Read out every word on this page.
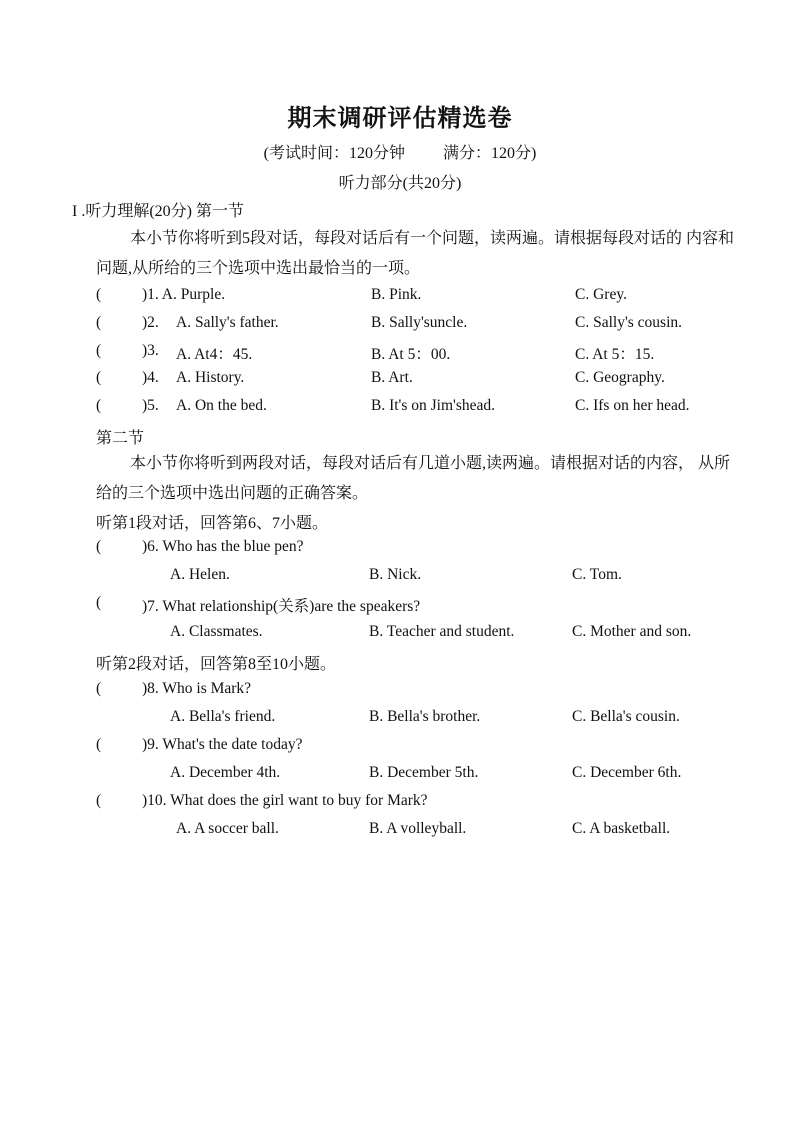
期末调研评估精选卷
(考试时间：120分钟 满分：120分)
听力部分(共20分)
I .听力理解(20分) 第一节
本小节你将听到5段对话，每段对话后有一个问题，读两遍。请根据每段对话的 内容和问题,从所给的三个选项中选出最恰当的一项。
(	)1. A. Purple.	B. Pink.	C. Grey.
(	)2. A. Sally's father.	B. Sally'suncle.	C. Sally's cousin.
(	)3. A. At4：45.	B. At 5：00.	C. At 5：15.
(	)4. A. History.	B. Art.	C. Geography.
(	)5. A. On the bed.	B. It's on Jim'shead.	C. Ifs on her head.
第二节
本小节你将听到两段对话，每段对话后有几道小题,读两遍。请根据对话的内容， 从所给的三个选项中选出问题的正确答案。
听第1段对话，回答第6、7小题。
(	)6. Who has the blue pen?
A. Helen.	B. Nick.	C. Tom.
(	)7. What relationship(关系)are the speakers?
A. Classmates.	B. Teacher and student.	C. Mother and son.
听第2段对话，回答第8至10小题。
(	)8. Who is Mark?
A. Bella's friend.	B. Bella's brother.	C. Bella's cousin.
(	)9. What's the date today?
A. December 4th.	B. December 5th.	C. December 6th.
(	)10. What does the girl want to buy for Mark?
A. A soccer ball.	B. A volleyball.	C. A basketball.
